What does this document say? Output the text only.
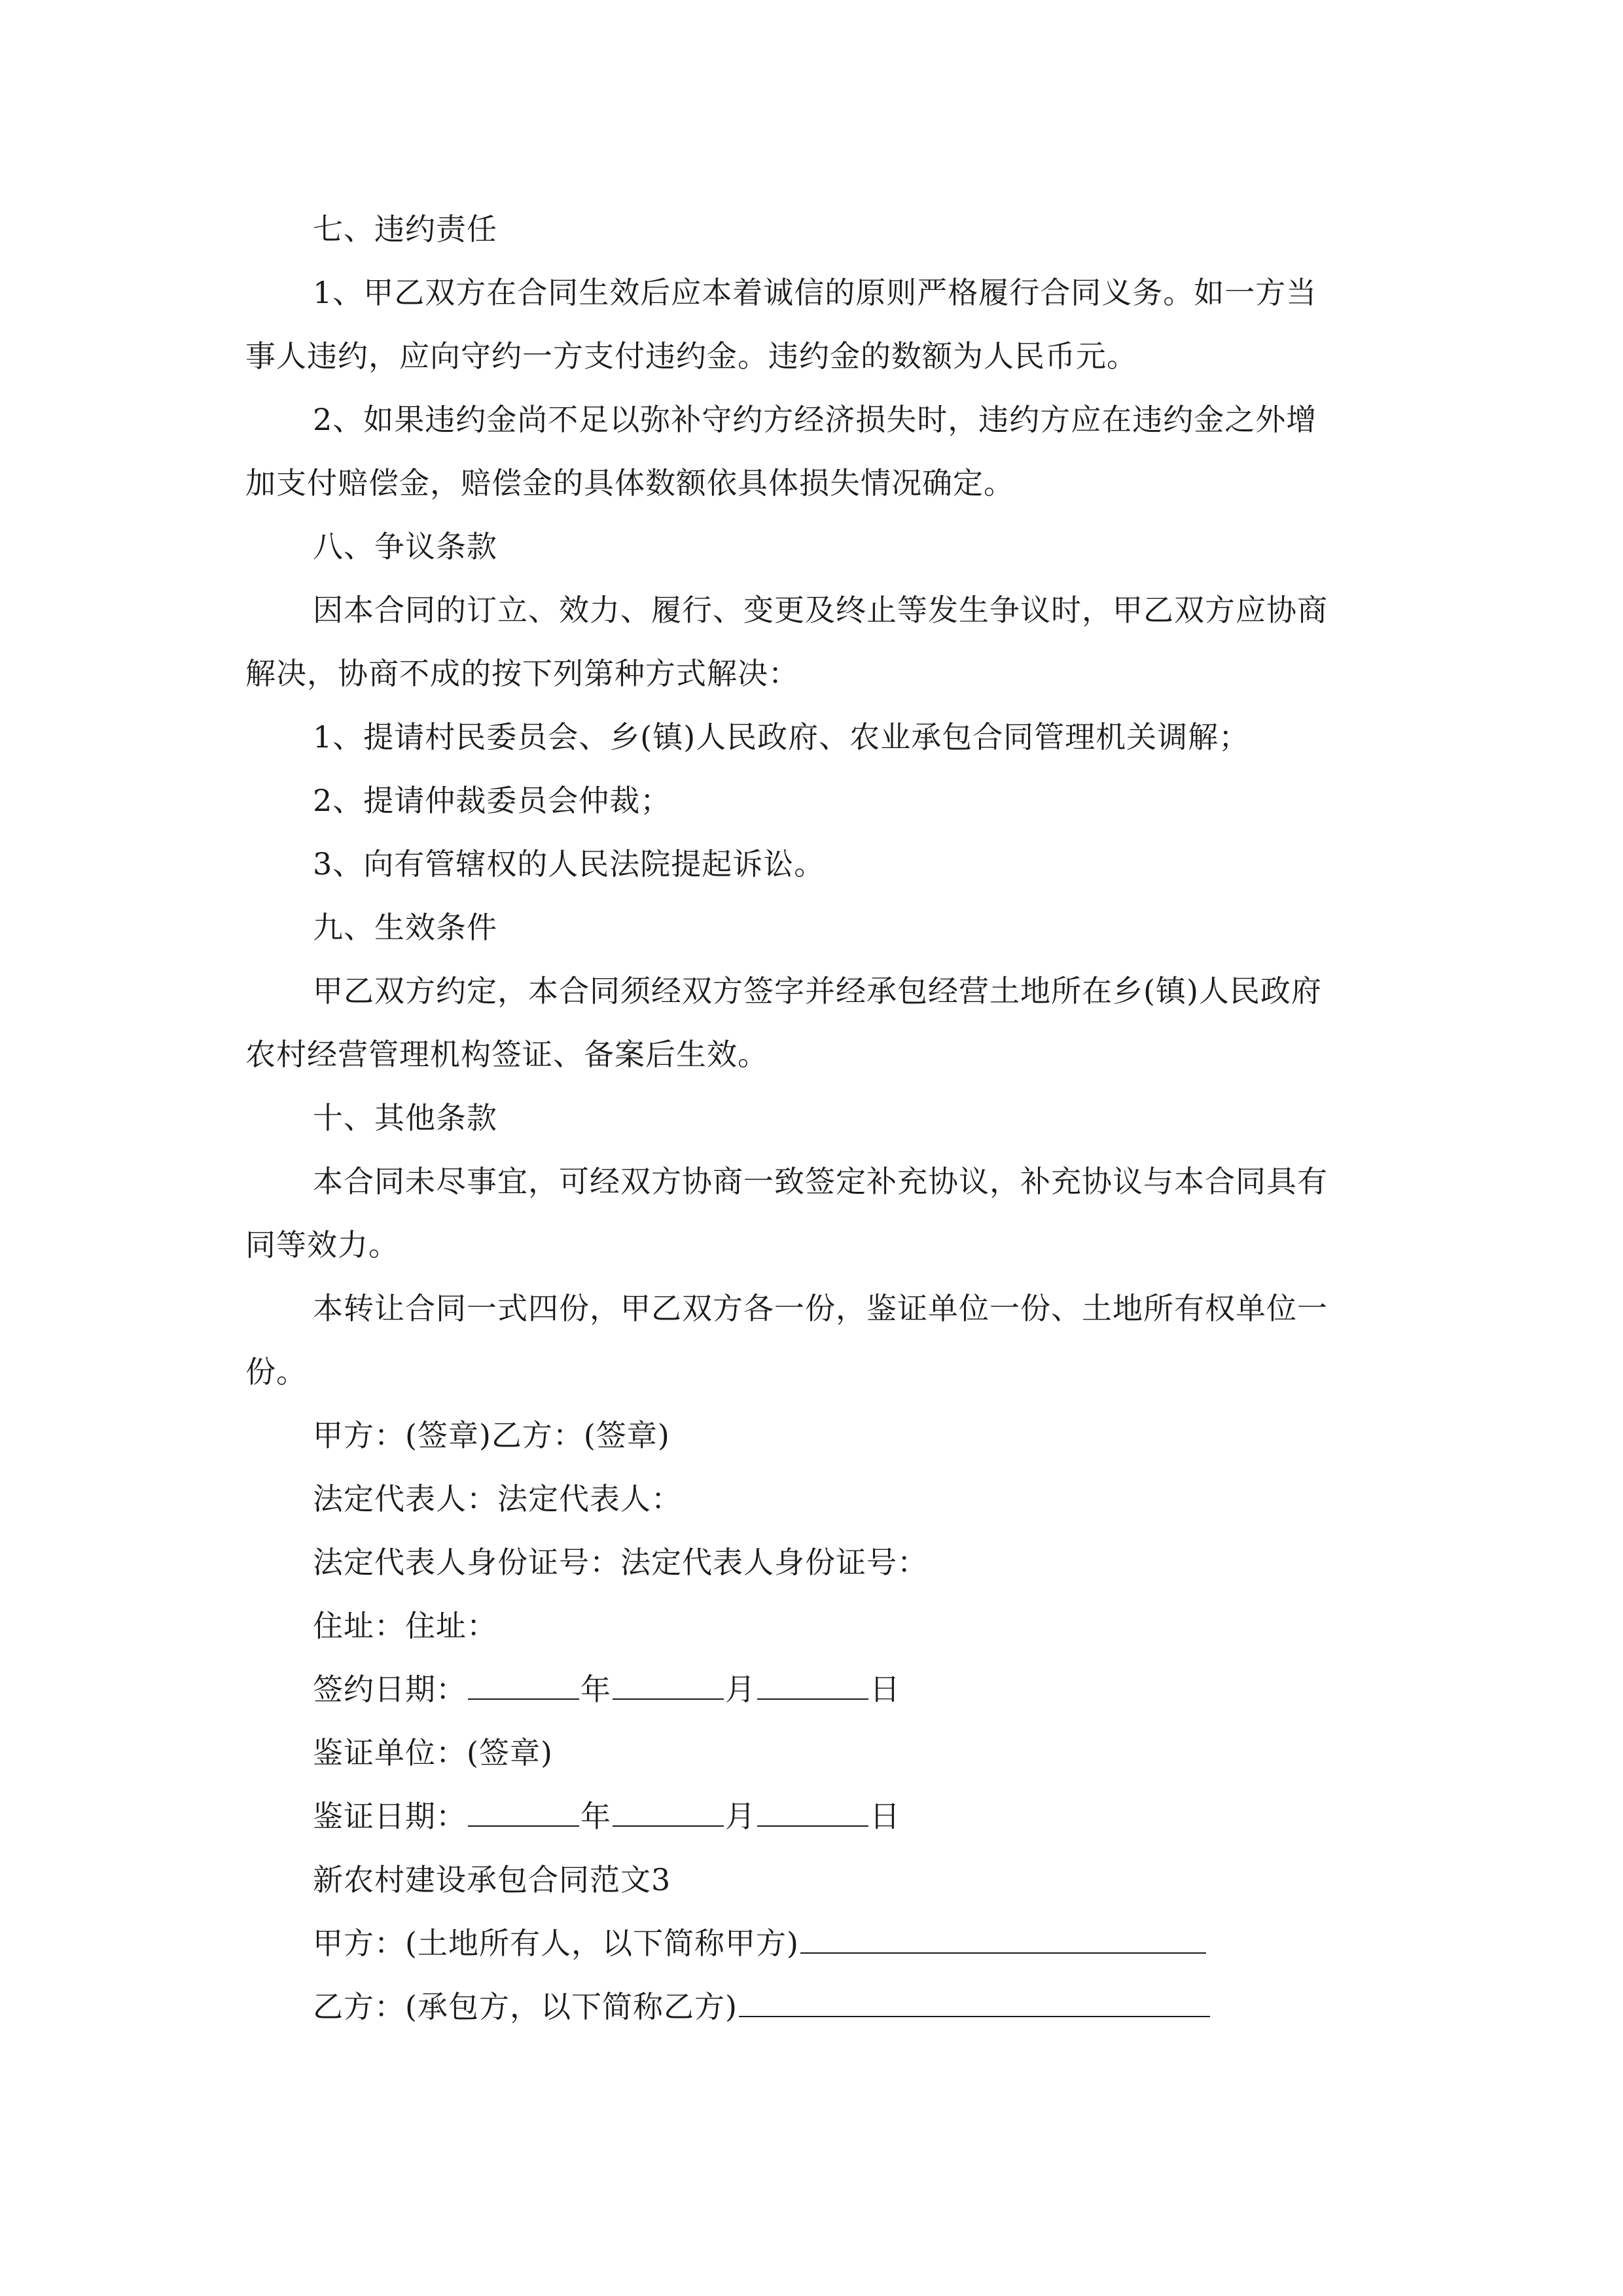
七、违约责任
1、甲乙双方在合同生效后应本着诚信的原则严格履行合同义务。如一方当
事人违约，应向守约一方支付违约金。违约金的数额为人民币元。
2、如果违约金尚不足以弥补守约方经济损失时，违约方应在违约金之外增
加支付赔偿金，赔偿金的具体数额依具体损失情况确定。
八、争议条款
因本合同的订立、效力、履行、变更及终止等发生争议时，甲乙双方应协商
解决，协商不成的按下列第种方式解决：
1、提请村民委员会、乡(镇)人民政府、农业承包合同管理机关调解；
2、提请仲裁委员会仲裁；
3、向有管辖权的人民法院提起诉讼。
九、生效条件
甲乙双方约定，本合同须经双方签字并经承包经营土地所在乡(镇)人民政府
农村经营管理机构签证、备案后生效。
十、其他条款
本合同未尽事宜，可经双方协商一致签定补充协议，补充协议与本合同具有
同等效力。
本转让合同一式四份，甲乙双方各一份，鉴证单位一份、土地所有权单位一
份。
甲方：(签章)乙方：(签章)
法定代表人：法定代表人：
法定代表人身份证号：法定代表人身份证号：
住址：住址：
签约日期：	年	月	日
鉴证单位：(签章)
鉴证日期：	年	月	日
新农村建设承包合同范文3
甲方：(土地所有人，以下简称甲方)
乙方：(承包方，以下简称乙方)
